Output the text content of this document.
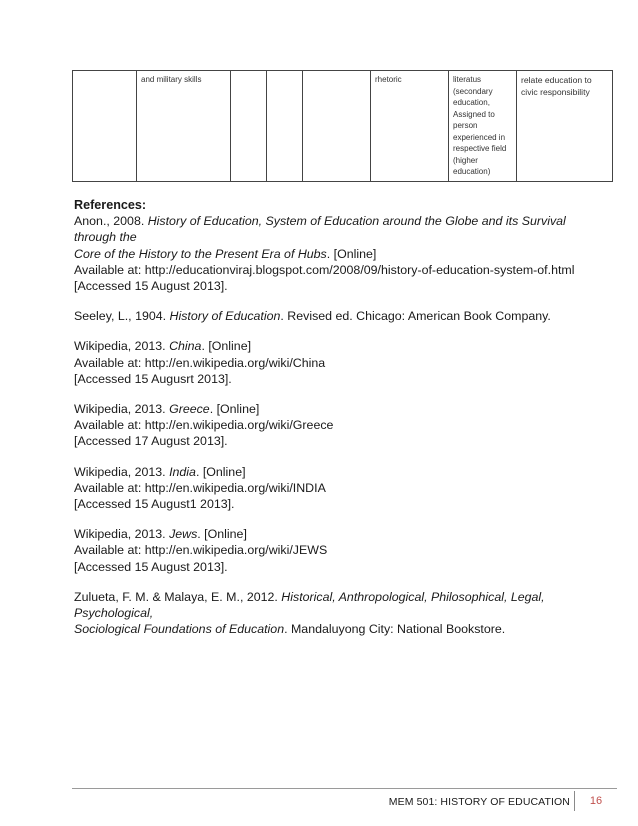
	and military skills				rhetoric	literatus (secondary education, Assigned to person experienced in respective field (higher education)	relate education to civic responsibility

References:

Anon., 2008. History of Education, System of Education around the Globe and its Survival through the
Core of the History to the Present Era of Hubs. [Online]
Available at: http://educationviraj.blogspot.com/2008/09/history-of-education-system-of.html
[Accessed 15 August 2013].
Seeley, L., 1904. History of Education. Revised ed. Chicago: American Book Company.
Wikipedia, 2013. China. [Online]
Available at: http://en.wikipedia.org/wiki/China
[Accessed 15 Augusrt 2013].
Wikipedia, 2013. Greece. [Online]
Available at: http://en.wikipedia.org/wiki/Greece
[Accessed 17 August 2013].
Wikipedia, 2013. India. [Online]
Available at: http://en.wikipedia.org/wiki/INDIA
[Accessed 15 August1 2013].
Wikipedia, 2013. Jews. [Online]
Available at: http://en.wikipedia.org/wiki/JEWS
[Accessed 15 August 2013].
Zulueta, F. M. & Malaya, E. M., 2012. Historical, Anthropological, Philosophical, Legal, Psychological,
Sociological Foundations of Education. Mandaluyong City: National Bookstore.
MEM 501: HISTORY OF EDUCATION	16
